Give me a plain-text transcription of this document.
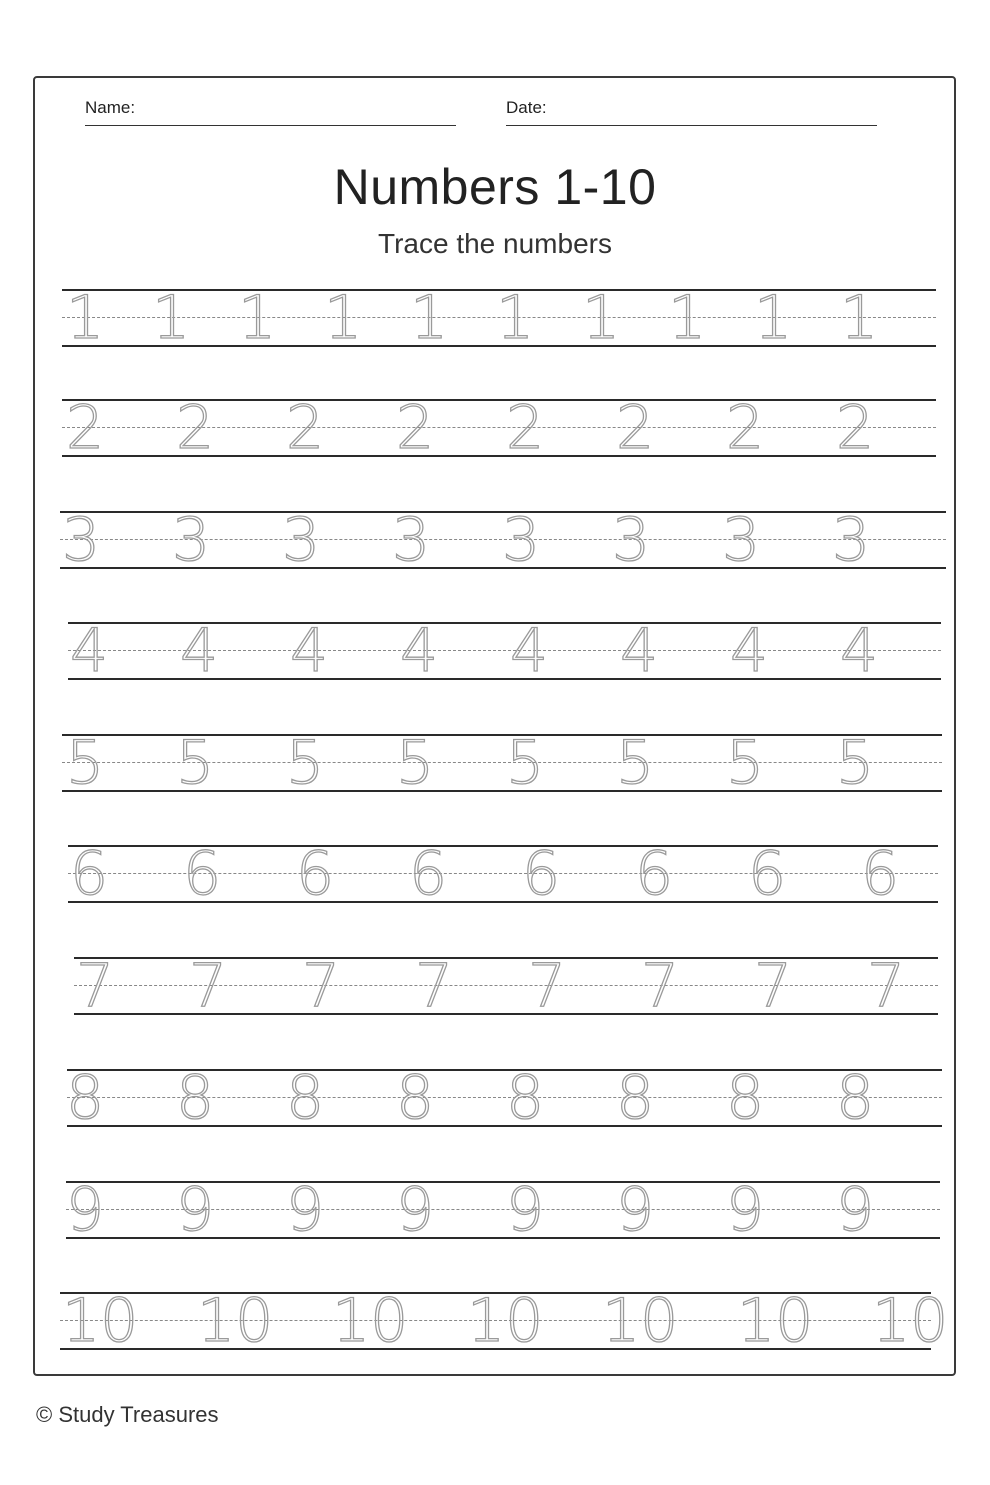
Name:	Date:
Numbers 1-10
Trace the numbers
1 1 1 1 1 1 1 1 1 1
2 2 2 2 2 2 2 2
3 3 3 3 3 3 3 3
4 4 4 4 4 4 4 4
5 5 5 5 5 5 5 5
6 6 6 6 6 6 6 6
7 7 7 7 7 7 7 7
8 8 8 8 8 8 8 8
9 9 9 9 9 9 9 9
10 10 10 10 10 10 10
© Study Treasures
